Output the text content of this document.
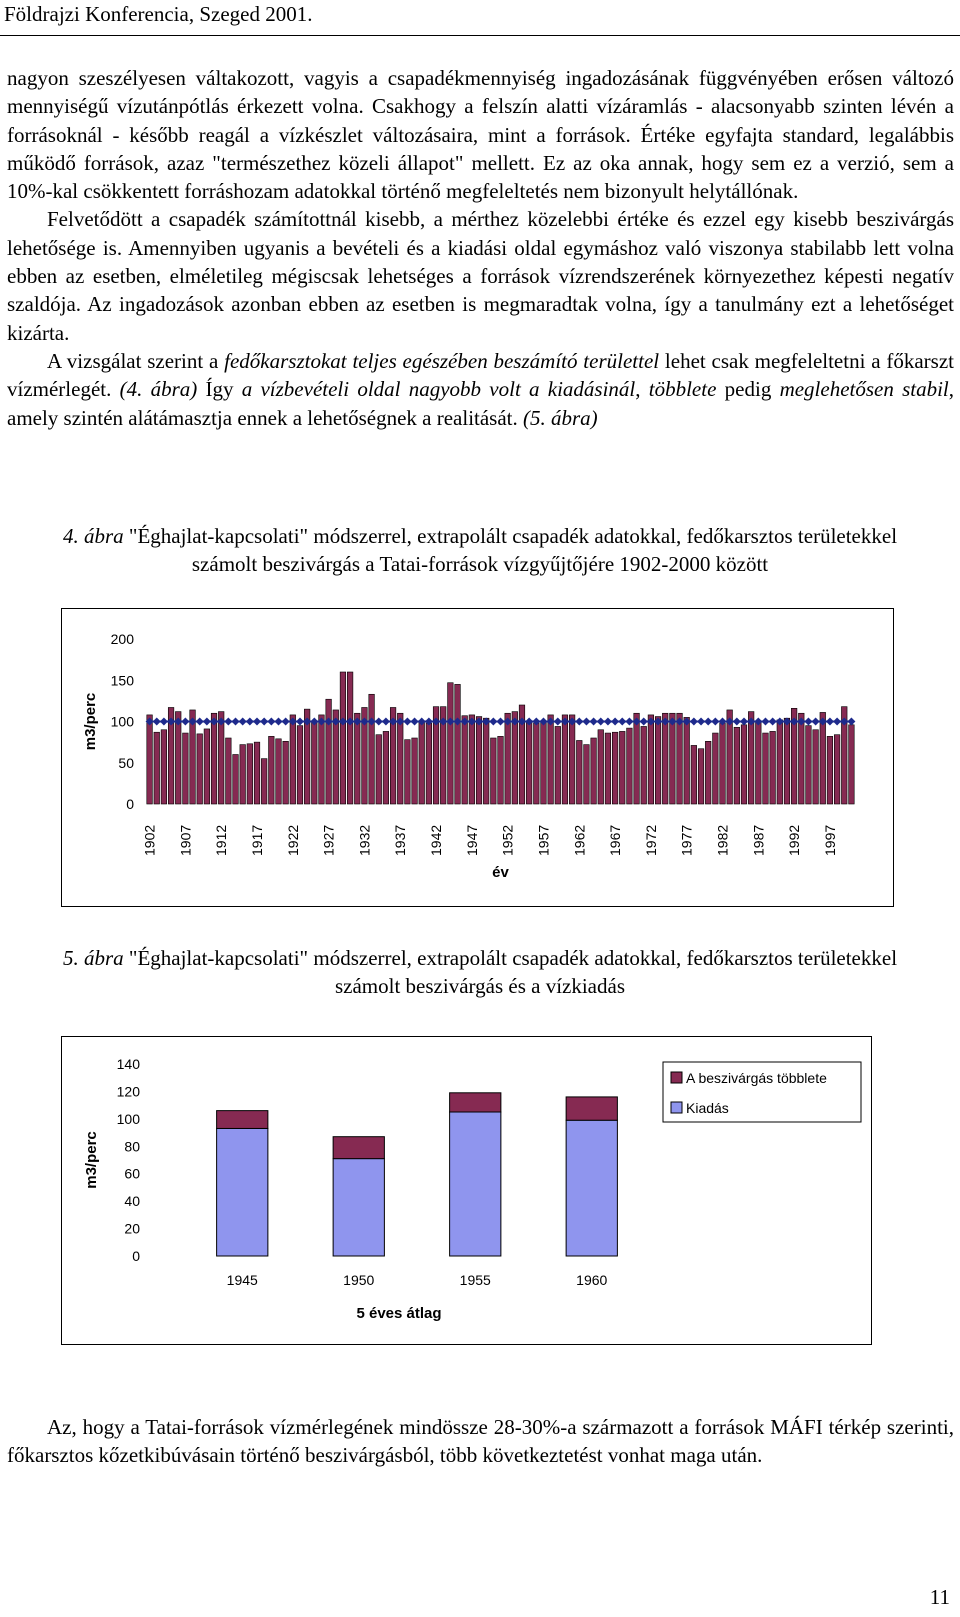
Földrajzi Konferencia, Szeged 2001.

nagyon szeszélyesen váltakozott, vagyis a csapadékmennyiség ingadozásának függvényében erősen változó mennyiségű vízutánpótlás érkezett volna. Csakhogy a felszín alatti vízáramlás - alacsonyabb szinten lévén a forrásoknál - később reagál a vízkészlet változásaira, mint a források. Értéke egyfajta standard, legalábbis működő források, azaz "természethez közeli állapot" mellett. Ez az oka annak, hogy sem ez a verzió, sem a 10%-kal csökkentett forráshozam adatokkal történő megfeleltetés nem bizonyult helytállónak.

Felvetődött a csapadék számítottnál kisebb, a mérthez közelebbi értéke és ezzel egy kisebb beszivárgás lehetősége is. Amennyiben ugyanis a bevételi és a kiadási oldal egymáshoz való viszonya stabilabb lett volna ebben az esetben, elméletileg mégiscsak lehetséges a források vízrendszerének környezethez képesti negatív szaldója. Az ingadozások azonban ebben az esetben is megmaradtak volna, így a tanulmány ezt a lehetőséget kizárta.

A vizsgálat szerint a fedőkarsztokat teljes egészében beszámító területtel lehet csak megfeleltetni a főkarszt vízmérlegét. (4. ábra) Így a vízbevételi oldal nagyobb volt a kiadásinál, többlete pedig meglehetősen stabil, amely szintén alátámasztja ennek a lehetőségnek a realitását. (5. ábra)

4. ábra "Éghajlat-kapcsolati" módszerrel, extrapolált csapadék adatokkal, fedőkarsztos területekkel számolt beszivárgás a Tatai-források vízgyűjtőjére 1902-2000 között

0
50
100
150
200
1902 1907 1912 1917 1922 1927 1932 1937 1942 1947 1952 1957 1962 1967 1972 1977 1982 1987 1992 1997
m3/perc
év

5. ábra "Éghajlat-kapcsolati" módszerrel, extrapolált csapadék adatokkal, fedőkarsztos területekkel számolt beszivárgás és a vízkiadás

0
20
40
60
80
100
120
140
1945	1950	1955	1960
m3/perc
5 éves átlag
A beszivárgás többlete
Kiadás

Az, hogy a Tatai-források vízmérlegének mindössze 28-30%-a származott a források MÁFI térkép szerinti, főkarsztos kőzetkibúvásain történő beszivárgásból, több következtetést vonhat maga után.

11
